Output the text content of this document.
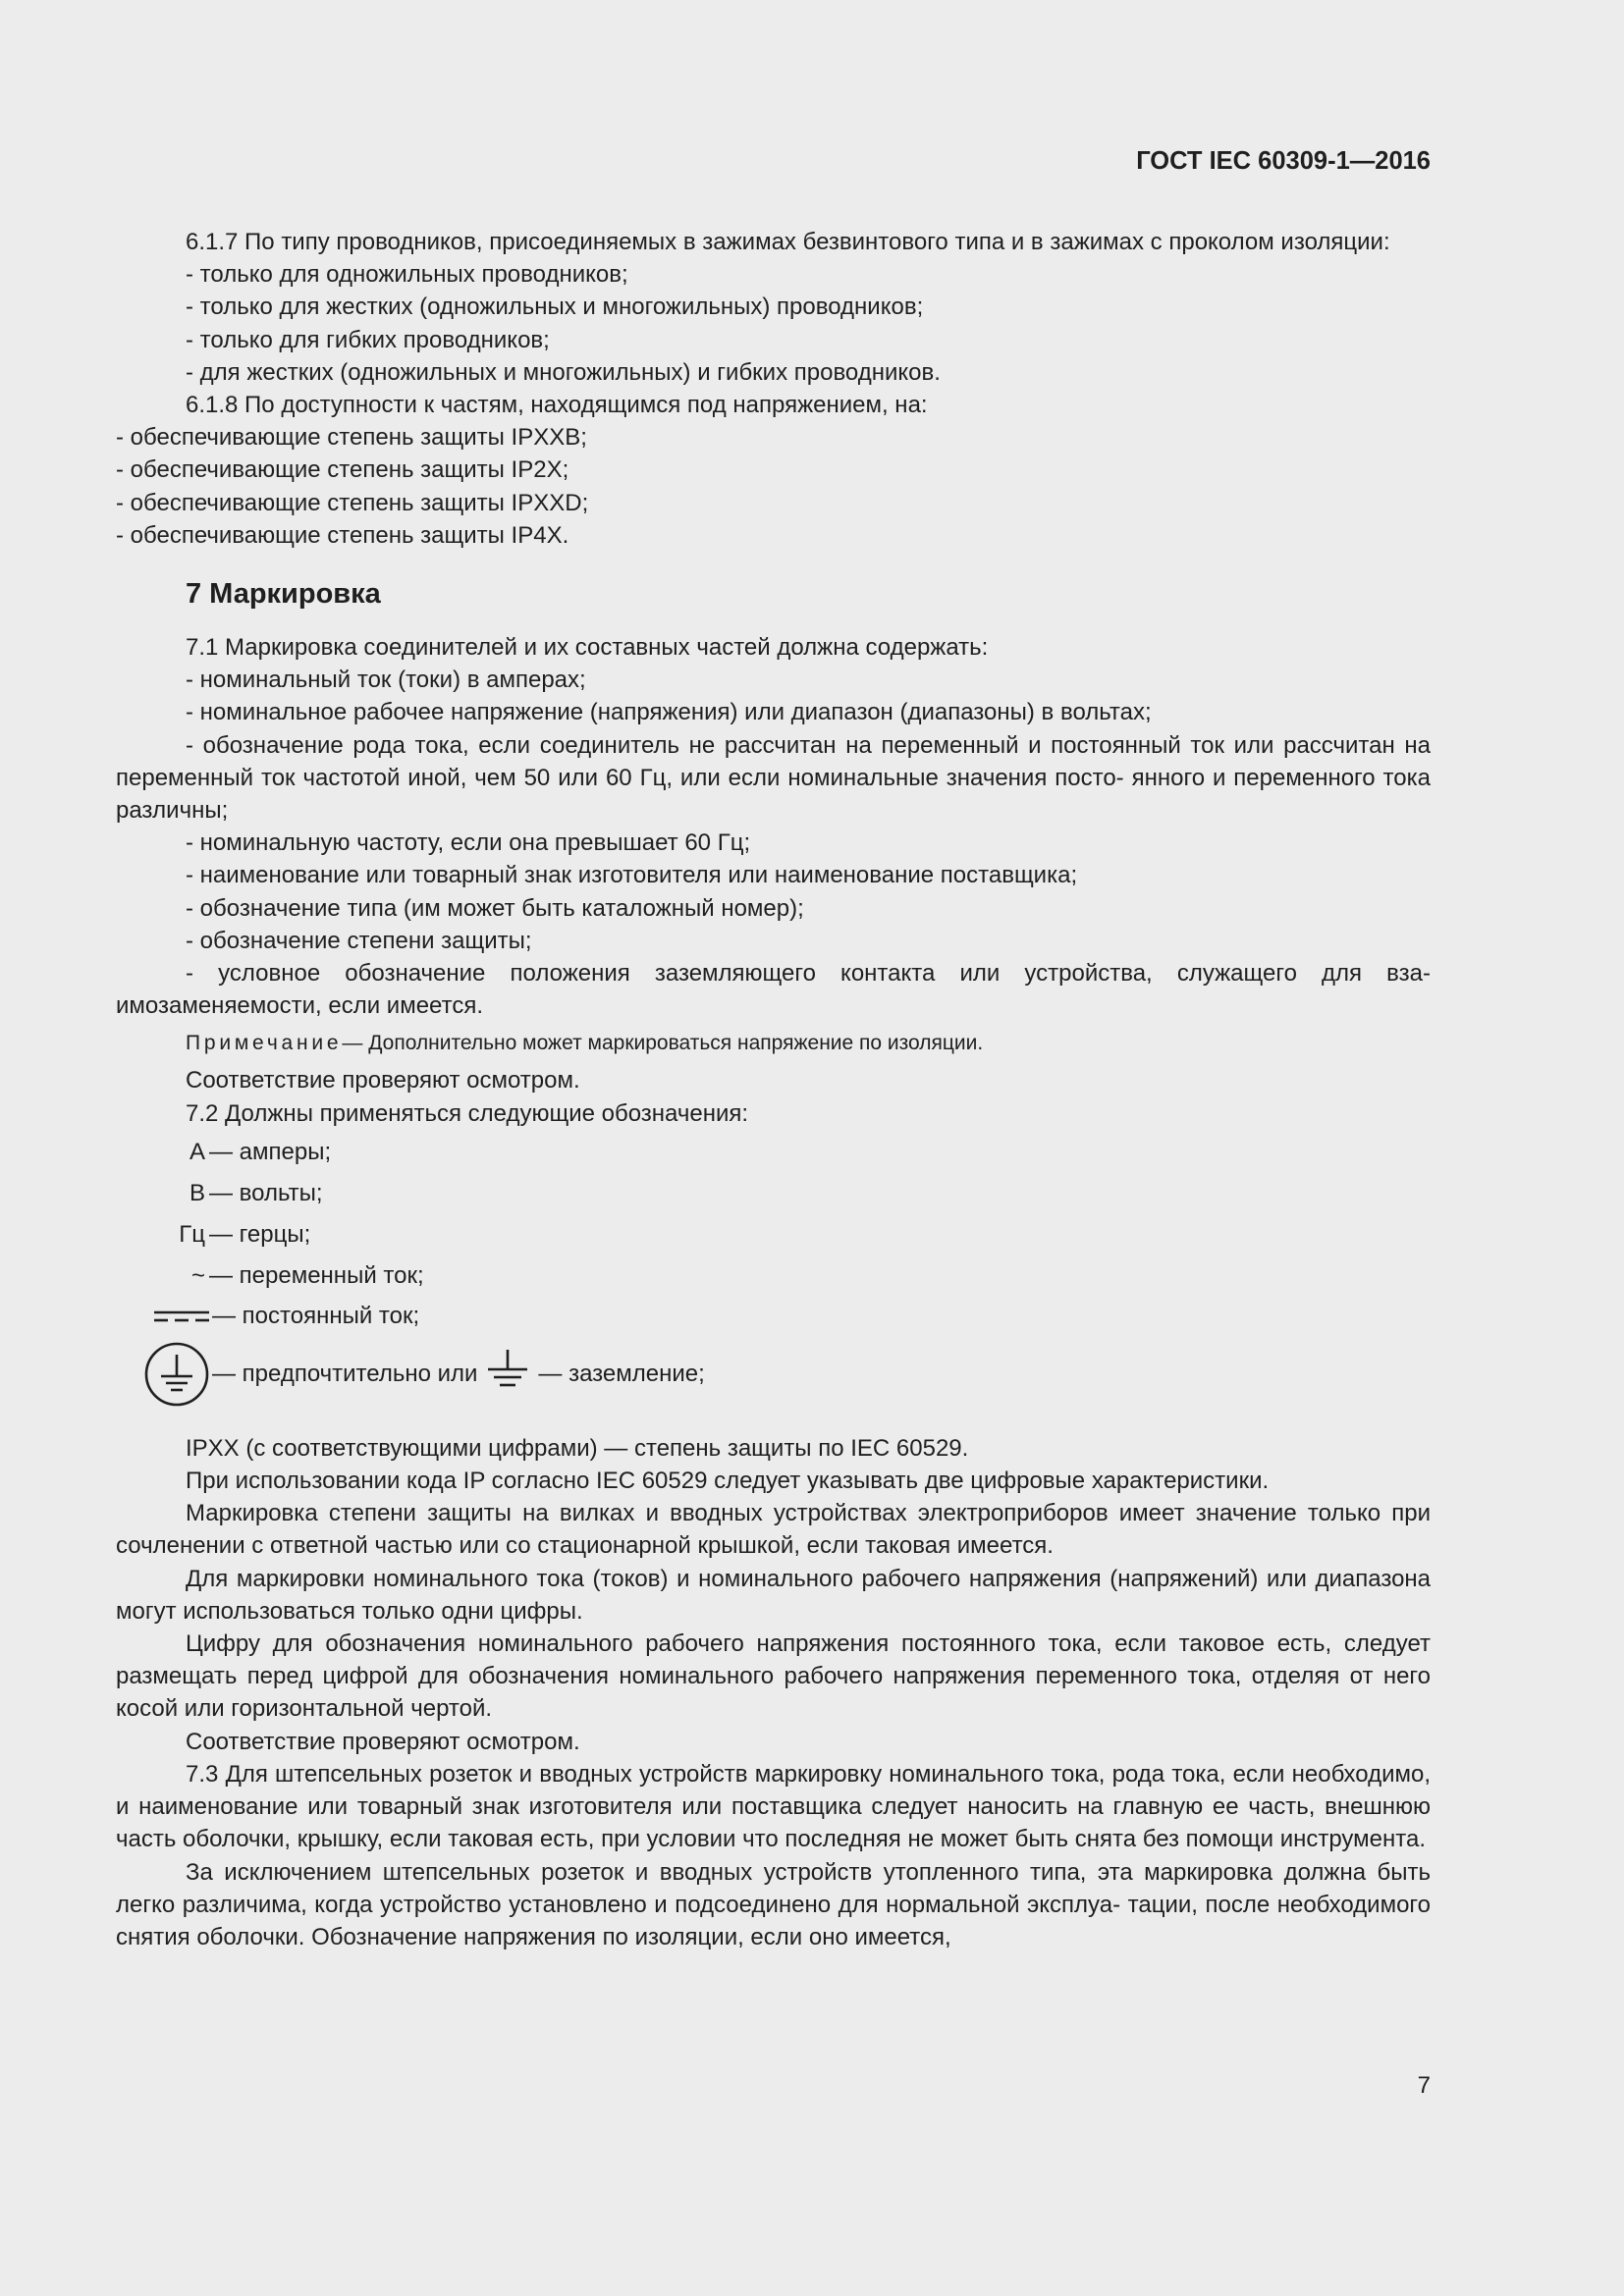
ГОСТ IEC 60309-1—2016

6.1.7 По типу проводников, присоединяемых в зажимах безвинтового типа и в зажимах с проколом изоляции:

- только для одножильных проводников;

- только для жестких (одножильных и многожильных) проводников;

- только для гибких проводников;

- для жестких (одножильных и многожильных) и гибких проводников.

6.1.8 По доступности к частям, находящимся под напряжением, на:

- обеспечивающие степень защиты IPXXB;

- обеспечивающие степень защиты IP2X;

- обеспечивающие степень защиты IPXXD;

- обеспечивающие степень защиты IP4X.

7 Маркировка

7.1 Маркировка соединителей и их составных частей должна содержать:

- номинальный ток (токи) в амперах;

- номинальное рабочее напряжение (напряжения) или диапазон (диапазоны) в вольтах;

- обозначение рода тока, если соединитель не рассчитан на переменный и постоянный ток или рассчитан на переменный ток частотой иной, чем 50 или 60 Гц, или если номинальные значения посто- янного и переменного тока различны;

- номинальную частоту, если она превышает 60 Гц;

- наименование или товарный знак изготовителя или наименование поставщика;

- обозначение типа (им может быть каталожный номер);

- обозначение степени защиты;

- условное обозначение положения заземляющего контакта или устройства, служащего для вза- имозаменяемости, если имеется.

Примечание— Дополнительно может маркироваться напряжение по изоляции.

Соответствие проверяют осмотром.

7.2 Должны применяться следующие обозначения:

А — амперы;
В — вольты;
Гц — герцы;
~ — переменный ток;
— постоянный ток;
— предпочтительно или	— заземление;

IPXX (с соответствующими цифрами) — степень защиты по IEC 60529.

При использовании кода IP согласно IEC 60529 следует указывать две цифровые характеристики.

Маркировка степени защиты на вилках и вводных устройствах электроприборов имеет значение только при сочленении с ответной частью или со стационарной крышкой, если таковая имеется.

Для маркировки номинального тока (токов) и номинального рабочего напряжения (напряжений) или диапазона могут использоваться только одни цифры.

Цифру для обозначения номинального рабочего напряжения постоянного тока, если таковое есть, следует размещать перед цифрой для обозначения номинального рабочего напряжения переменного тока, отделяя от него косой или горизонтальной чертой.

Соответствие проверяют осмотром.

7.3 Для штепсельных розеток и вводных устройств маркировку номинального тока, рода тока, если необходимо, и наименование или товарный знак изготовителя или поставщика следует наносить на главную ее часть, внешнюю часть оболочки, крышку, если таковая есть, при условии что последняя не может быть снята без помощи инструмента.

За исключением штепсельных розеток и вводных устройств утопленного типа, эта маркировка должна быть легко различима, когда устройство установлено и подсоединено для нормальной эксплуа- тации, после необходимого снятия оболочки. Обозначение напряжения по изоляции, если оно имеется,

7
